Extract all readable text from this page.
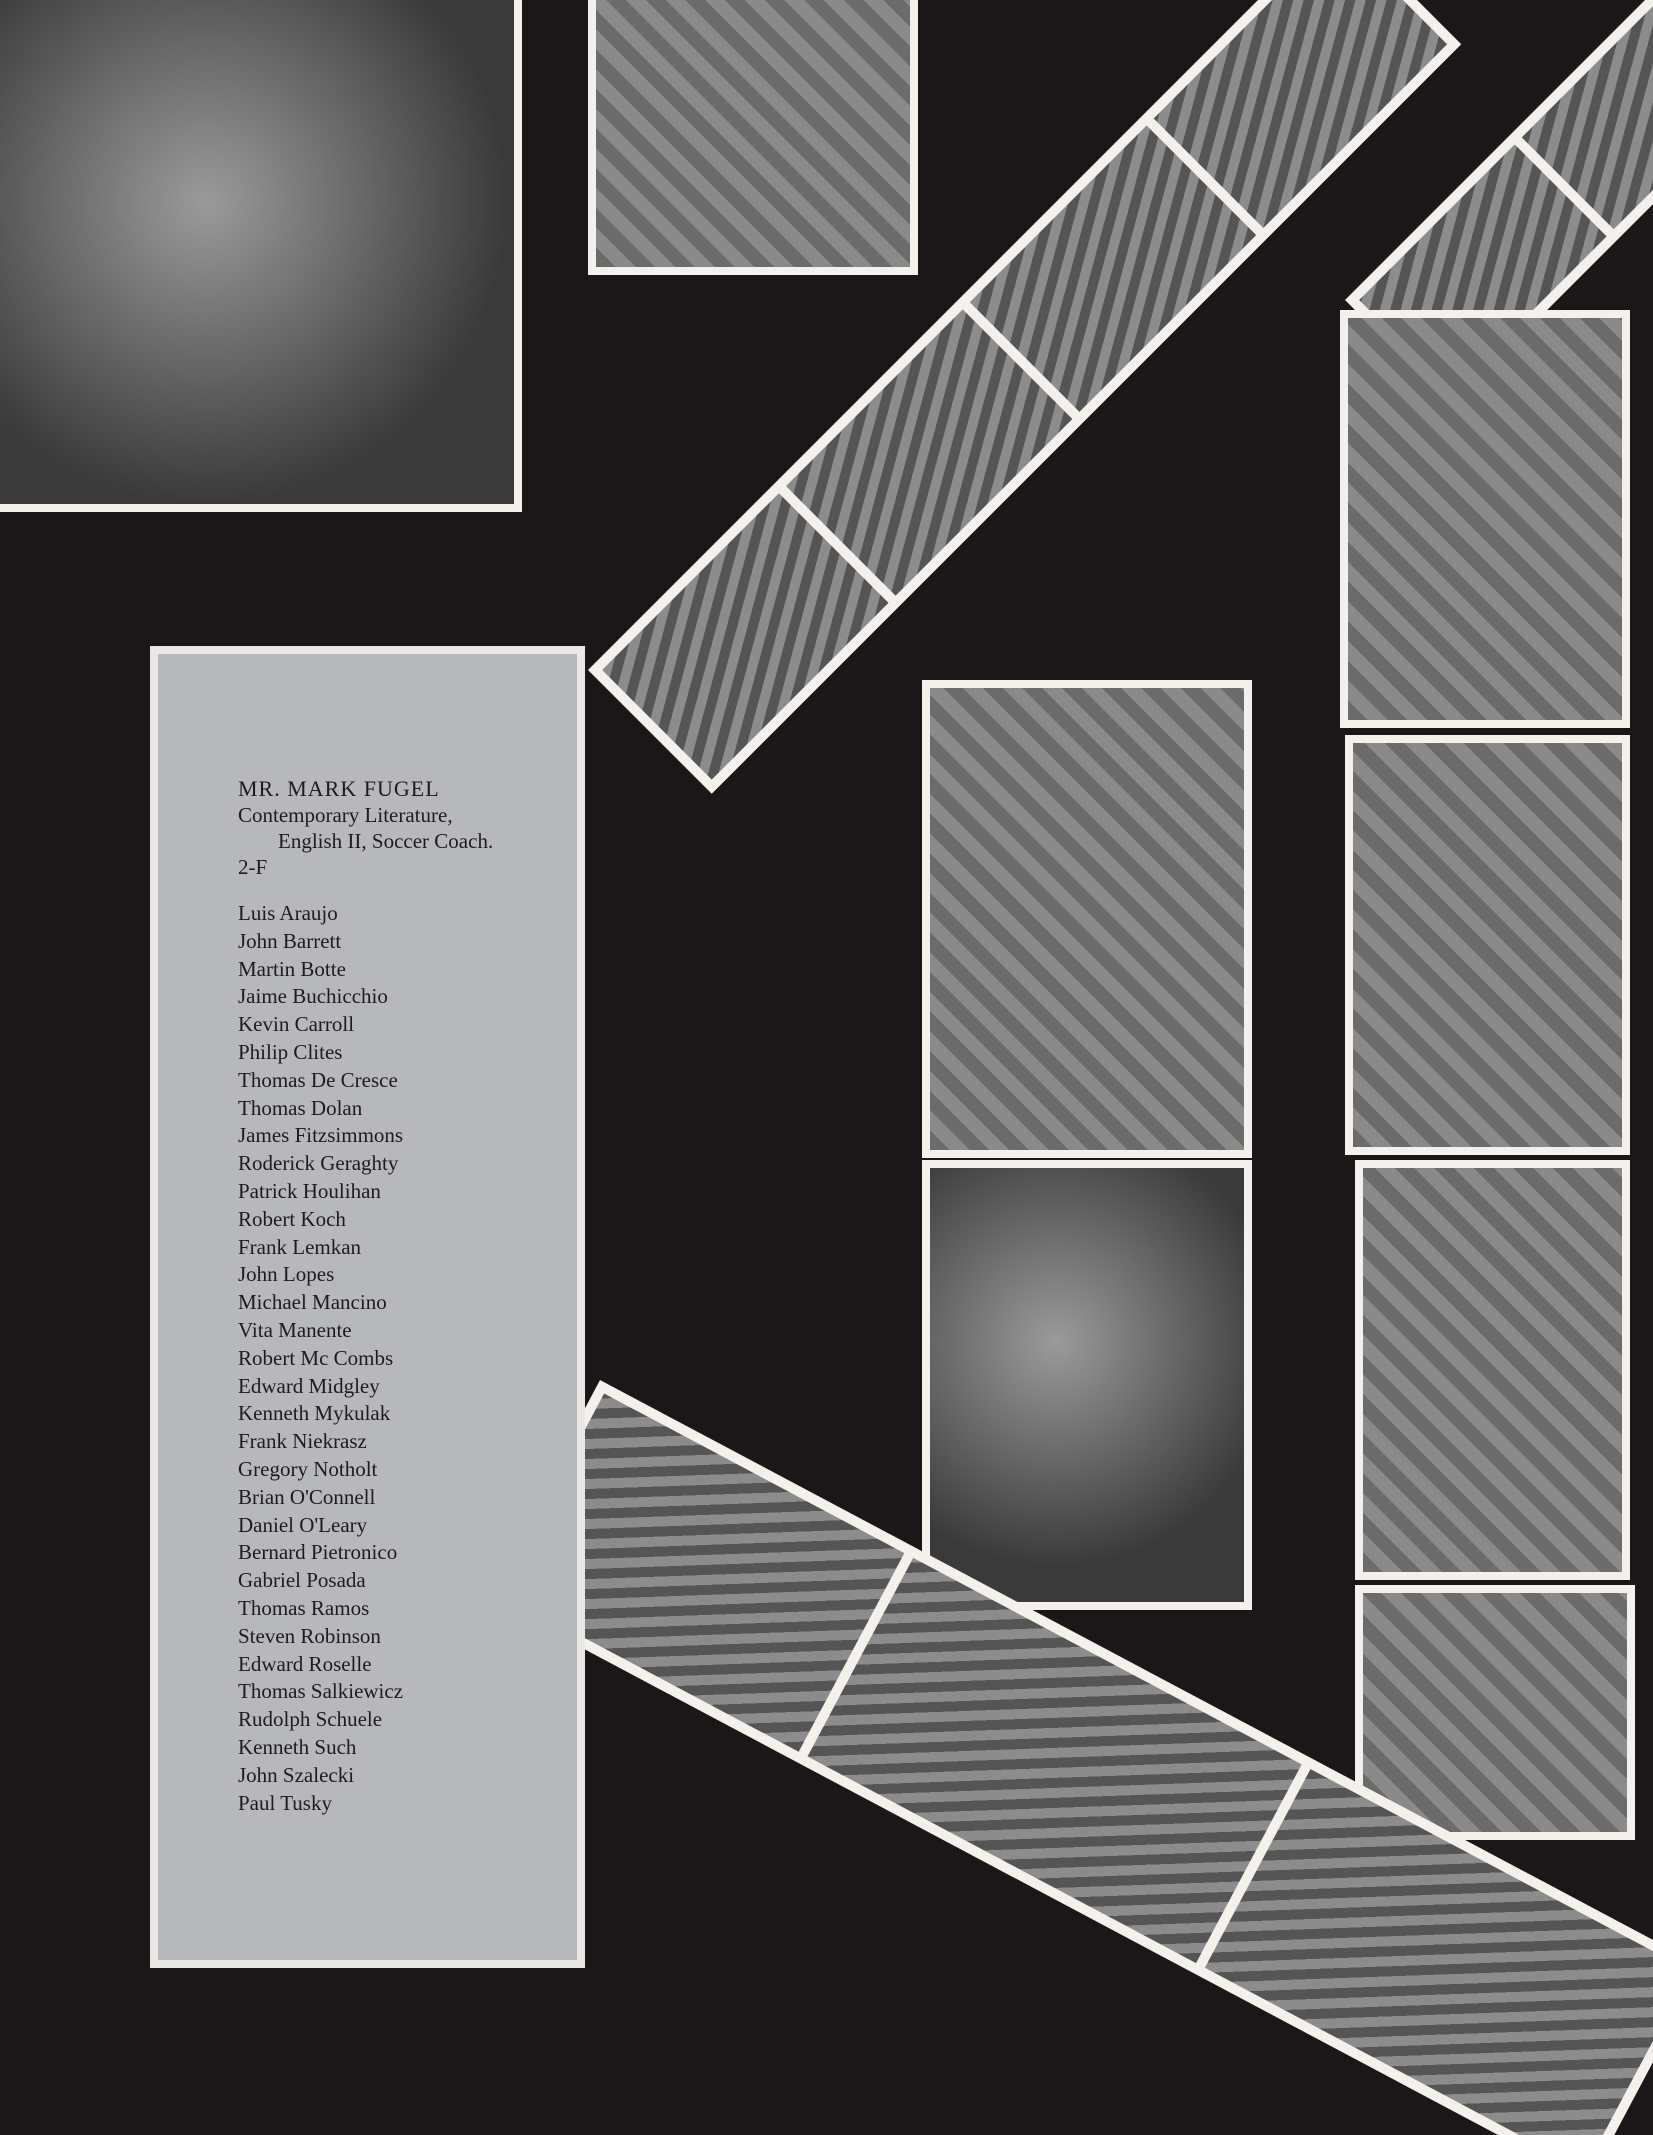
MR. MARK FUGEL

Contemporary Literature,
English II, Soccer Coach.

2-F

Luis Araujo
John Barrett
Martin Botte
Jaime Buchicchio
Kevin Carroll
Philip Clites
Thomas De Cresce
Thomas Dolan
James Fitzsimmons
Roderick Geraghty
Patrick Houlihan
Robert Koch
Frank Lemkan
John Lopes
Michael Mancino
Vita Manente
Robert Mc Combs
Edward Midgley
Kenneth Mykulak
Frank Niekrasz
Gregory Notholt
Brian O'Connell
Daniel O'Leary
Bernard Pietronico
Gabriel Posada
Thomas Ramos
Steven Robinson
Edward Roselle
Thomas Salkiewicz
Rudolph Schuele
Kenneth Such
John Szalecki
Paul Tusky
